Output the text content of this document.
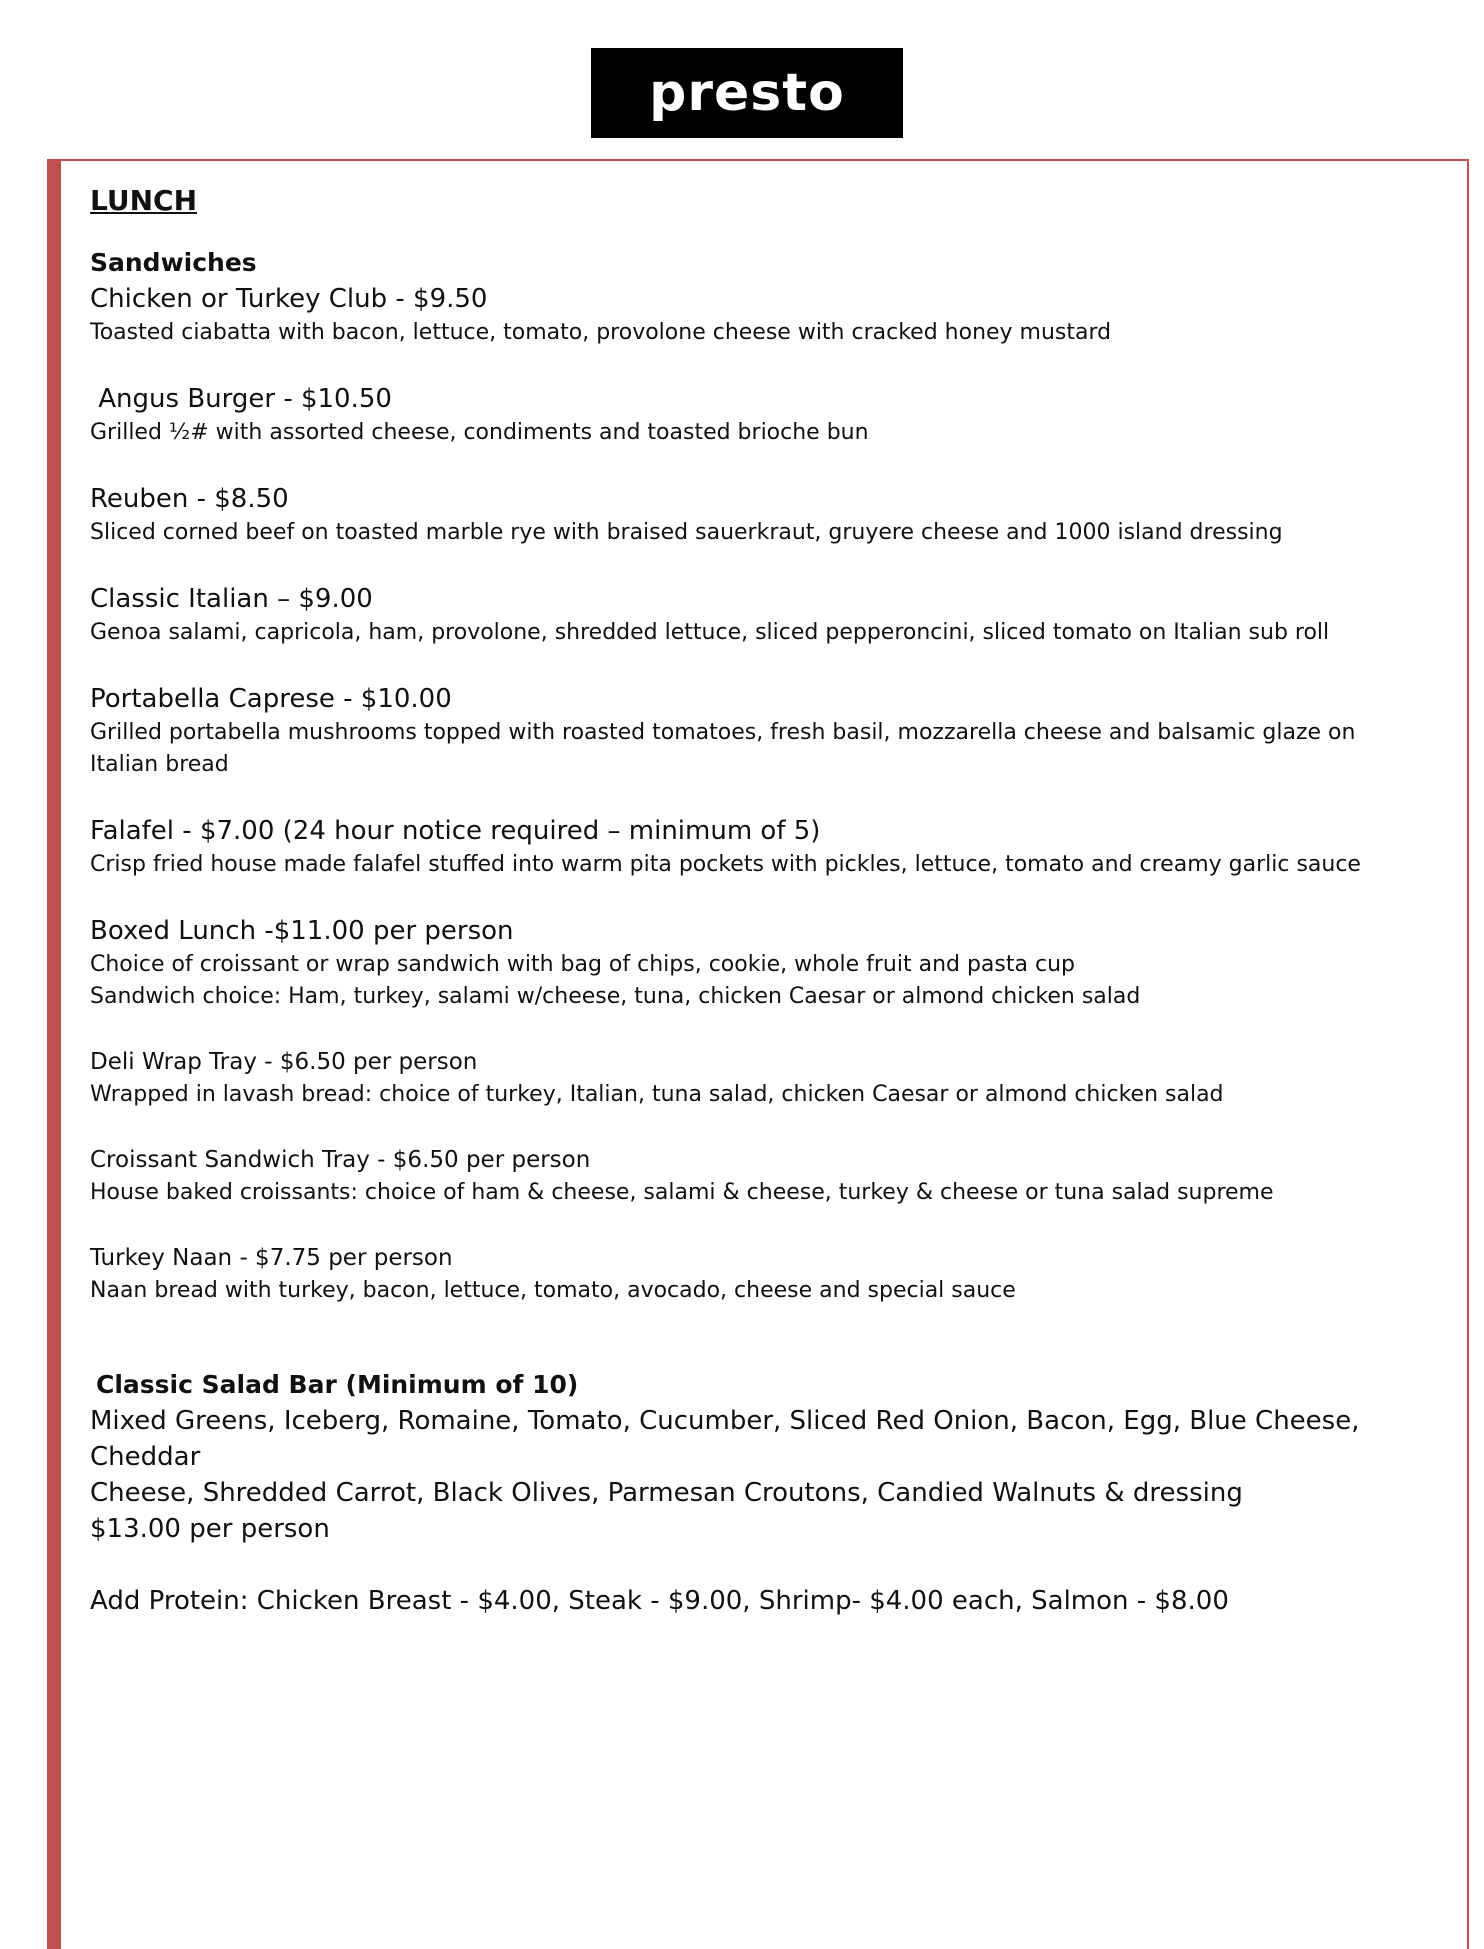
presto
LUNCH
Sandwiches
Chicken or Turkey Club - $9.50
Toasted ciabatta with bacon, lettuce, tomato, provolone cheese with cracked honey mustard
Angus Burger - $10.50
Grilled ½# with assorted cheese, condiments and toasted brioche bun
Reuben - $8.50
Sliced corned beef on toasted marble rye with braised sauerkraut, gruyere cheese and 1000 island dressing
Classic Italian – $9.00
Genoa salami, capricola, ham, provolone, shredded lettuce, sliced pepperoncini, sliced tomato on Italian sub roll
Portabella Caprese - $10.00
Grilled portabella mushrooms topped with roasted tomatoes, fresh basil, mozzarella cheese and balsamic glaze on
Italian bread
Falafel - $7.00 (24 hour notice required – minimum of 5)
Crisp fried house made falafel stuffed into warm pita pockets with pickles, lettuce, tomato and creamy garlic sauce
Boxed Lunch -$11.00 per person
Choice of croissant or wrap sandwich with bag of chips, cookie, whole fruit and pasta cup
Sandwich choice: Ham, turkey, salami w/cheese, tuna, chicken Caesar or almond chicken salad
Deli Wrap Tray - $6.50 per person
Wrapped in lavash bread: choice of turkey, Italian, tuna salad, chicken Caesar or almond chicken salad
Croissant Sandwich Tray - $6.50 per person
House baked croissants: choice of ham & cheese, salami & cheese, turkey & cheese or tuna salad supreme
Turkey Naan - $7.75 per person
Naan bread with turkey, bacon, lettuce, tomato, avocado, cheese and special sauce
Classic Salad Bar (Minimum of 10)
Mixed Greens, Iceberg, Romaine, Tomato, Cucumber, Sliced Red Onion, Bacon, Egg, Blue Cheese, Cheddar
Cheese, Shredded Carrot, Black Olives, Parmesan Croutons, Candied Walnuts & dressing
$13.00 per person
Add Protein: Chicken Breast - $4.00, Steak - $9.00, Shrimp- $4.00 each, Salmon - $8.00
